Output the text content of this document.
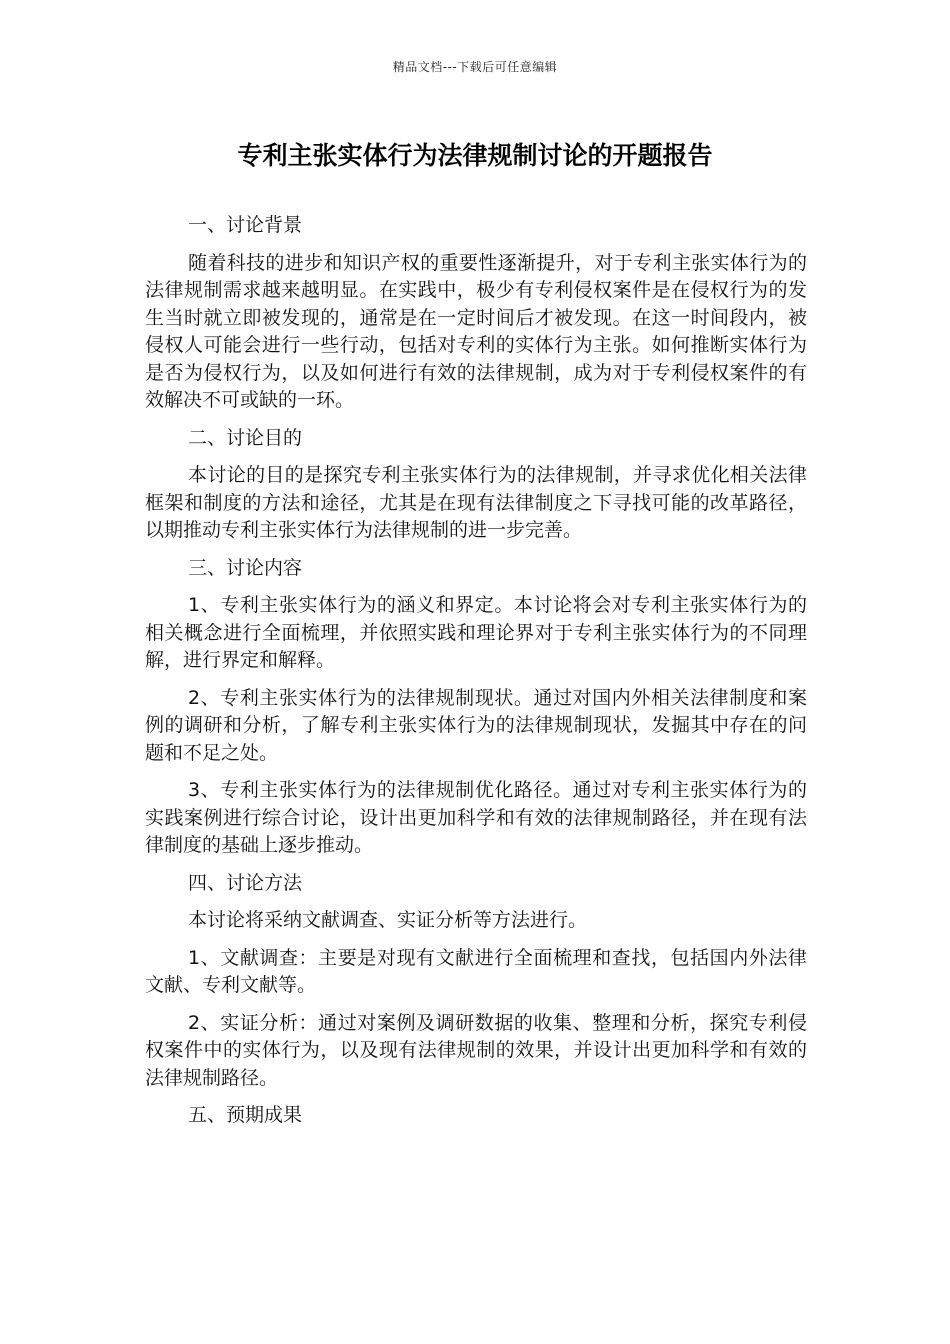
精品文档---下载后可任意编辑
专利主张实体行为法律规制讨论的开题报告

一、讨论背景

随着科技的进步和知识产权的重要性逐渐提升，对于专利主张实体行为的法律规制需求越来越明显。在实践中，极少有专利侵权案件是在侵权行为的发生当时就立即被发现的，通常是在一定时间后才被发现。在这一时间段内，被侵权人可能会进行一些行动，包括对专利的实体行为主张。如何推断实体行为是否为侵权行为，以及如何进行有效的法律规制，成为对于专利侵权案件的有效解决不可或缺的一环。

二、讨论目的

本讨论的目的是探究专利主张实体行为的法律规制，并寻求优化相关法律框架和制度的方法和途径，尤其是在现有法律制度之下寻找可能的改革路径，以期推动专利主张实体行为法律规制的进一步完善。

三、讨论内容

1、专利主张实体行为的涵义和界定。本讨论将会对专利主张实体行为的相关概念进行全面梳理，并依照实践和理论界对于专利主张实体行为的不同理解，进行界定和解释。

2、专利主张实体行为的法律规制现状。通过对国内外相关法律制度和案例的调研和分析，了解专利主张实体行为的法律规制现状，发掘其中存在的问题和不足之处。

3、专利主张实体行为的法律规制优化路径。通过对专利主张实体行为的实践案例进行综合讨论，设计出更加科学和有效的法律规制路径，并在现有法律制度的基础上逐步推动。

四、讨论方法

本讨论将采纳文献调查、实证分析等方法进行。

1、文献调查：主要是对现有文献进行全面梳理和查找，包括国内外法律文献、专利文献等。

2、实证分析：通过对案例及调研数据的收集、整理和分析，探究专利侵权案件中的实体行为，以及现有法律规制的效果，并设计出更加科学和有效的法律规制路径。

五、预期成果
